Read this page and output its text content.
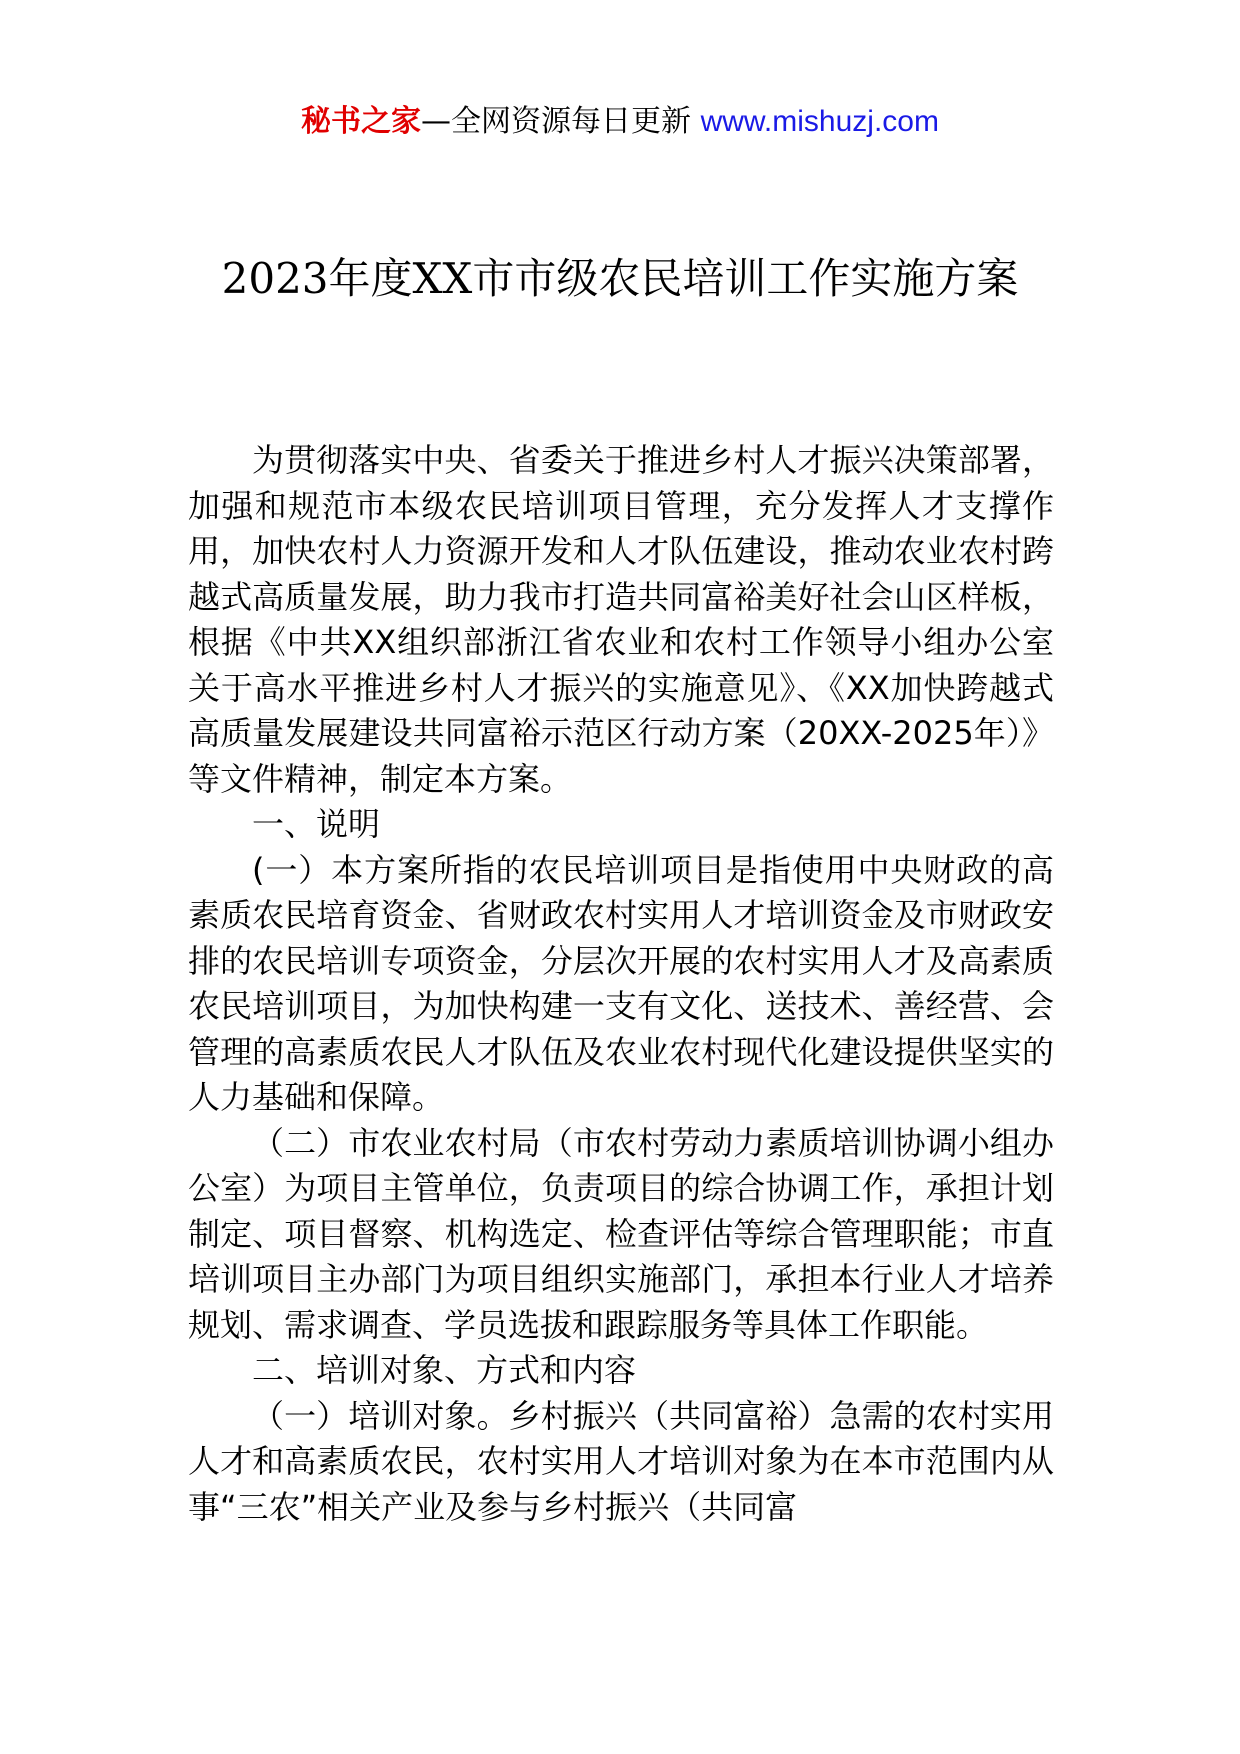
秘书之家—全网资源每日更新 www.mishuzj.com
2023年度XX市市级农民培训工作实施方案

为贯彻落实中央、省委关于推进乡村人才振兴决策部署，加强和规范市本级农民培训项目管理，充分发挥人才支撑作用，加快农村人力资源开发和人才队伍建设，推动农业农村跨越式高质量发展，助力我市打造共同富裕美好社会山区样板，根据《中共XX组织部浙江省农业和农村工作领导小组办公室关于高水平推进乡村人才振兴的实施意见》、《XX加快跨越式高质量发展建设共同富裕示范区行动方案（20XX-2025年）》等文件精神，制定本方案。

一、说明

(一）本方案所指的农民培训项目是指使用中央财政的高素质农民培育资金、省财政农村实用人才培训资金及市财政安排的农民培训专项资金，分层次开展的农村实用人才及高素质农民培训项目，为加快构建一支有文化、送技术、善经营、会管理的高素质农民人才队伍及农业农村现代化建设提供坚实的人力基础和保障。

（二）市农业农村局（市农村劳动力素质培训协调小组办公室）为项目主管单位，负责项目的综合协调工作，承担计划制定、项目督察、机构选定、检查评估等综合管理职能；市直培训项目主办部门为项目组织实施部门，承担本行业人才培养规划、需求调查、学员选拔和跟踪服务等具体工作职能。

二、培训对象、方式和内容

（一）培训对象。乡村振兴（共同富裕）急需的农村实用人才和高素质农民，农村实用人才培训对象为在本市范围内从事“三农”相关产业及参与乡村振兴（共同富
